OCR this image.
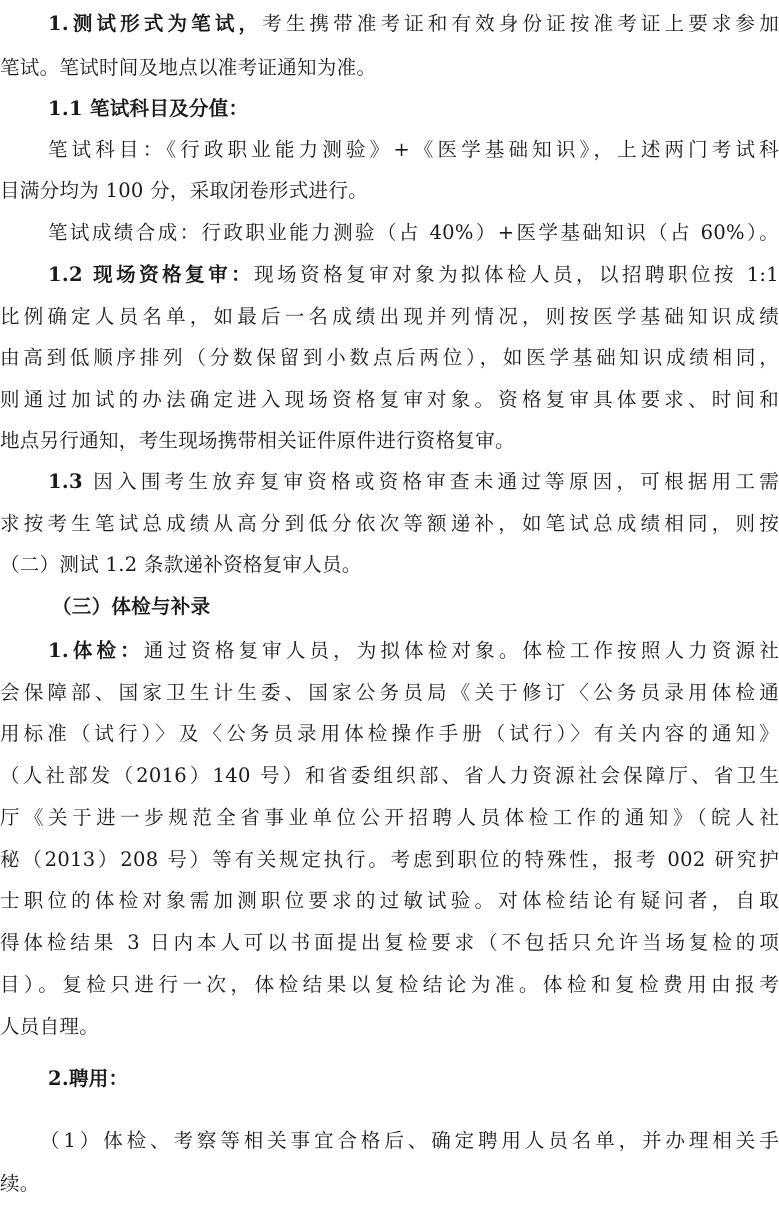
1.测试形式为笔试，考生携带准考证和有效身份证按准考证上要求参加
笔试。笔试时间及地点以准考证通知为准。
1.1 笔试科目及分值：
笔试科目：《行政职业能力测验》+《医学基础知识》，上述两门考试科
目满分均为 100 分，采取闭卷形式进行。
笔试成绩合成：行政职业能力测验（占 40%）+医学基础知识（占 60%）。
1.2 现场资格复审：现场资格复审对象为拟体检人员，以招聘职位按 1:1
比例确定人员名单，如最后一名成绩出现并列情况，则按医学基础知识成绩
由高到低顺序排列（分数保留到小数点后两位），如医学基础知识成绩相同，
则通过加试的办法确定进入现场资格复审对象。资格复审具体要求、时间和
地点另行通知，考生现场携带相关证件原件进行资格复审。
1.3 因入围考生放弃复审资格或资格审查未通过等原因，可根据用工需
求按考生笔试总成绩从高分到低分依次等额递补，如笔试总成绩相同，则按
（二）测试 1.2 条款递补资格复审人员。
（三）体检与补录
1.体检：通过资格复审人员，为拟体检对象。体检工作按照人力资源社
会保障部、国家卫生计生委、国家公务员局《关于修订〈公务员录用体检通
用标准（试行）〉及〈公务员录用体检操作手册（试行）〉有关内容的通知》
（人社部发（2016）140 号）和省委组织部、省人力资源社会保障厅、省卫生
厅《关于进一步规范全省事业单位公开招聘人员体检工作的通知》（皖人社
秘（2013）208 号）等有关规定执行。考虑到职位的特殊性，报考 002 研究护
士职位的体检对象需加测职位要求的过敏试验。对体检结论有疑问者，自取
得体检结果 3 日内本人可以书面提出复检要求（不包括只允许当场复检的项
目）。复检只进行一次，体检结果以复检结论为准。体检和复检费用由报考
人员自理。
2.聘用：
（1）体检、考察等相关事宜合格后、确定聘用人员名单，并办理相关手
续。
